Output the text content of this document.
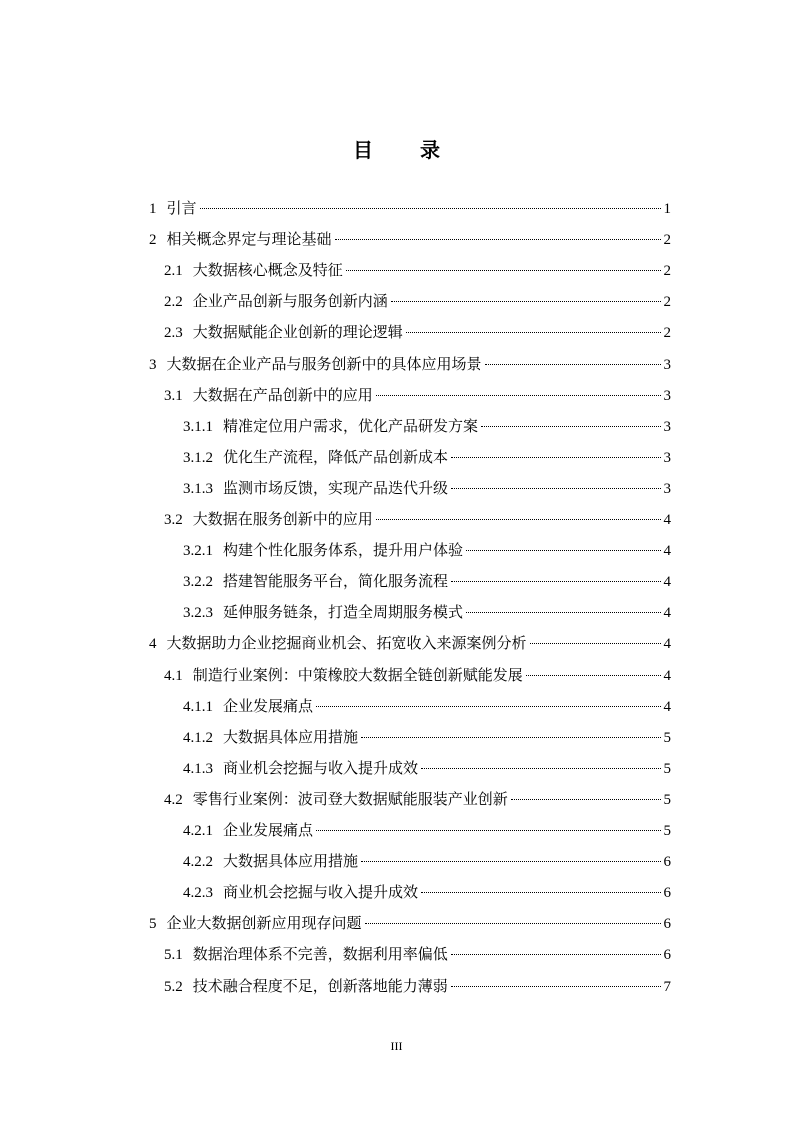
目 录
1 引言	1
2 相关概念界定与理论基础	2
2.1 大数据核心概念及特征	2
2.2 企业产品创新与服务创新内涵	2
2.3 大数据赋能企业创新的理论逻辑	2
3 大数据在企业产品与服务创新中的具体应用场景	3
3.1 大数据在产品创新中的应用	3
3.1.1 精准定位用户需求，优化产品研发方案	3
3.1.2 优化生产流程，降低产品创新成本	3
3.1.3 监测市场反馈，实现产品迭代升级	3
3.2 大数据在服务创新中的应用	4
3.2.1 构建个性化服务体系，提升用户体验	4
3.2.2 搭建智能服务平台，简化服务流程	4
3.2.3 延伸服务链条，打造全周期服务模式	4
4 大数据助力企业挖掘商业机会、拓宽收入来源案例分析	4
4.1 制造行业案例：中策橡胶大数据全链创新赋能发展	4
4.1.1 企业发展痛点	4
4.1.2 大数据具体应用措施	5
4.1.3 商业机会挖掘与收入提升成效	5
4.2 零售行业案例：波司登大数据赋能服装产业创新	5
4.2.1 企业发展痛点	5
4.2.2 大数据具体应用措施	6
4.2.3 商业机会挖掘与收入提升成效	6
5 企业大数据创新应用现存问题	6
5.1 数据治理体系不完善，数据利用率偏低	6
5.2 技术融合程度不足，创新落地能力薄弱	7
III
